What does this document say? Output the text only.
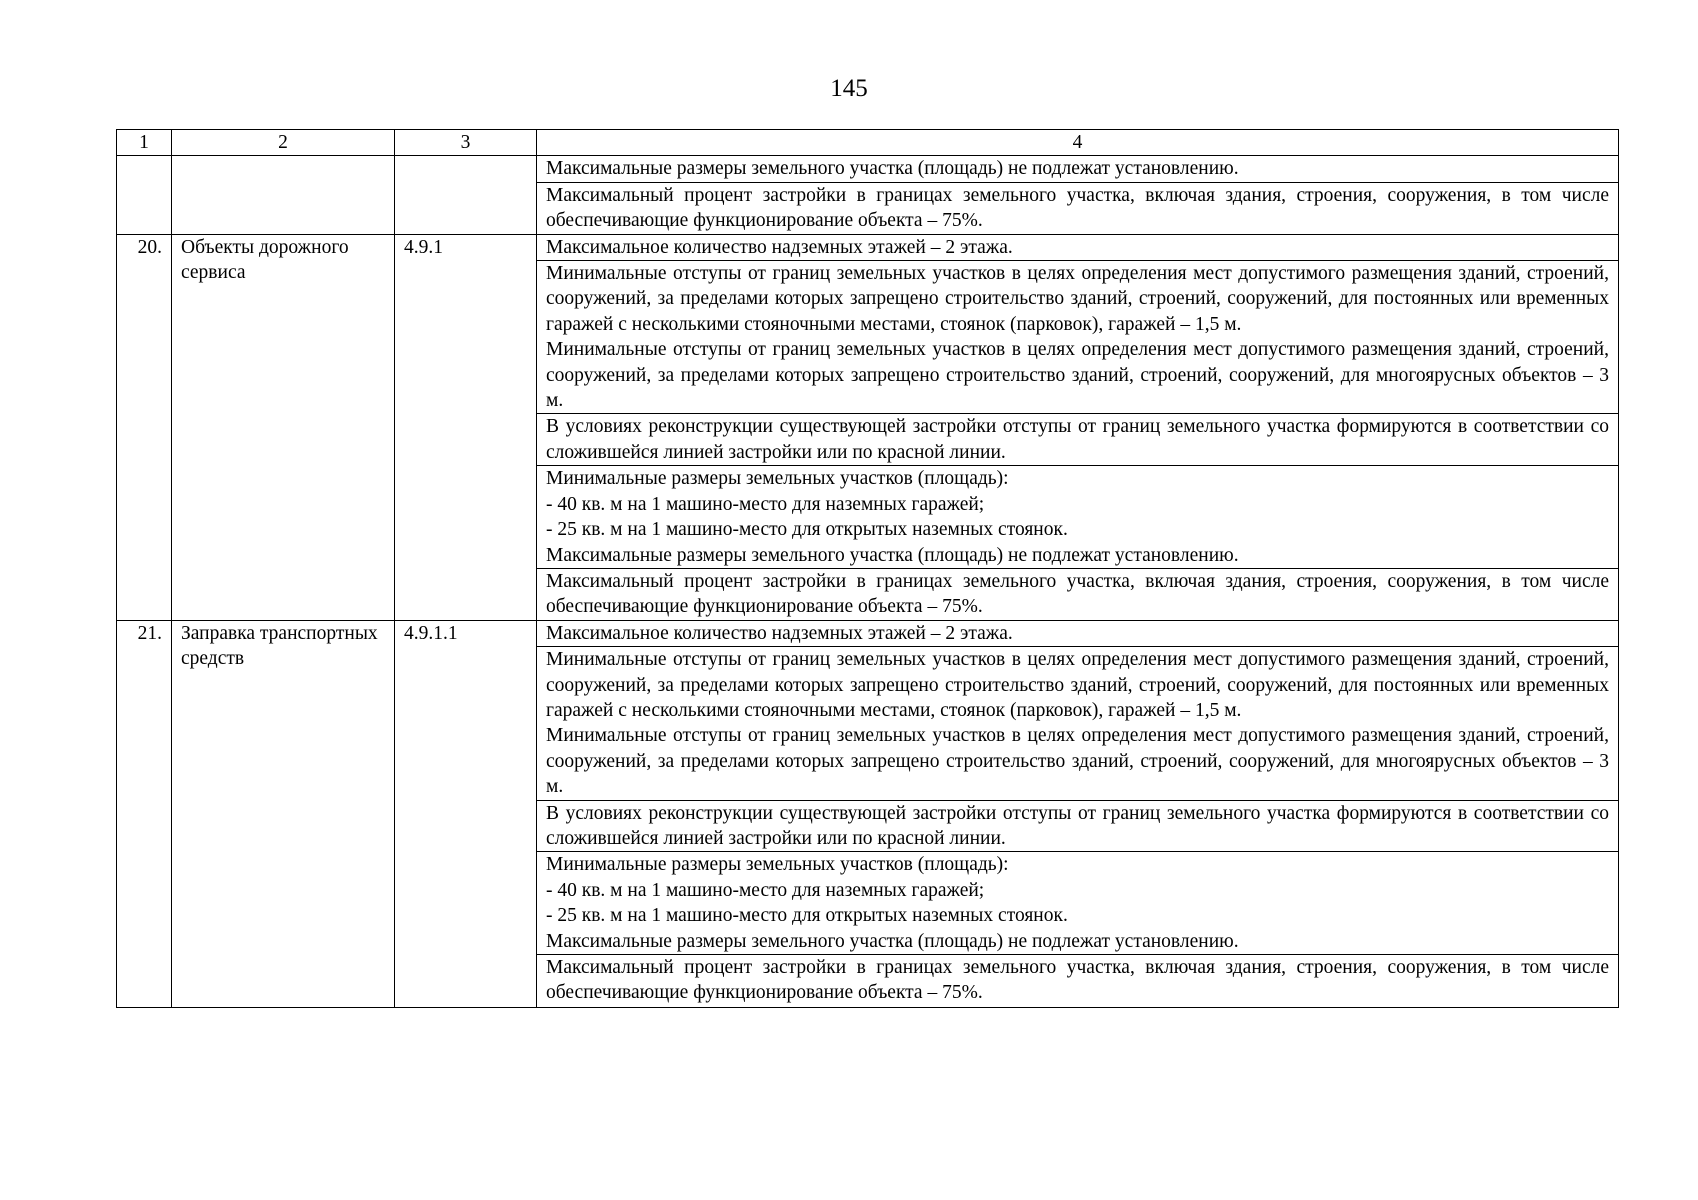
145
1	2	3	4

			Максимальные размеры земельного участка (площадь) не подлежат установлению.

			Максимальный процент застройки в границах земельного участка, включая здания, строения, сооружения, в том числе обеспечивающие функционирование объекта – 75%.

20.	Объекты дорожного сервиса	4.9.1	Максимальное количество надземных этажей – 2 этажа.

			Минимальные отступы от границ земельных участков в целях определения мест допустимого размещения зданий, строений, сооружений, за пределами которых запрещено строительство зданий, строений, сооружений, для постоянных или временных гаражей с несколькими стояночными местами, стоянок (парковок), гаражей – 1,5 м.
Минимальные отступы от границ земельных участков в целях определения мест допустимого размещения зданий, строений, сооружений, за пределами которых запрещено строительство зданий, строений, сооружений, для многоярусных объектов – 3 м.

			В условиях реконструкции существующей застройки отступы от границ земельного участка формируются в соответствии со сложившейся линией застройки или по красной линии.

			Минимальные размеры земельных участков (площадь):
- 40 кв. м на 1 машино-место для наземных гаражей;
- 25 кв. м на 1 машино-место для открытых наземных стоянок.
Максимальные размеры земельного участка (площадь) не подлежат установлению.

			Максимальный процент застройки в границах земельного участка, включая здания, строения, сооружения, в том числе обеспечивающие функционирование объекта – 75%.

21.	Заправка транспортных средств	4.9.1.1	Максимальное количество надземных этажей – 2 этажа.

			Минимальные отступы от границ земельных участков в целях определения мест допустимого размещения зданий, строений, сооружений, за пределами которых запрещено строительство зданий, строений, сооружений, для постоянных или временных гаражей с несколькими стояночными местами, стоянок (парковок), гаражей – 1,5 м.
Минимальные отступы от границ земельных участков в целях определения мест допустимого размещения зданий, строений, сооружений, за пределами которых запрещено строительство зданий, строений, сооружений, для многоярусных объектов – 3 м.

			В условиях реконструкции существующей застройки отступы от границ земельного участка формируются в соответствии со сложившейся линией застройки или по красной линии.

			Минимальные размеры земельных участков (площадь):
- 40 кв. м на 1 машино-место для наземных гаражей;
- 25 кв. м на 1 машино-место для открытых наземных стоянок.
Максимальные размеры земельного участка (площадь) не подлежат установлению.

			Максимальный процент застройки в границах земельного участка, включая здания, строения, сооружения, в том числе обеспечивающие функционирование объекта – 75%.
